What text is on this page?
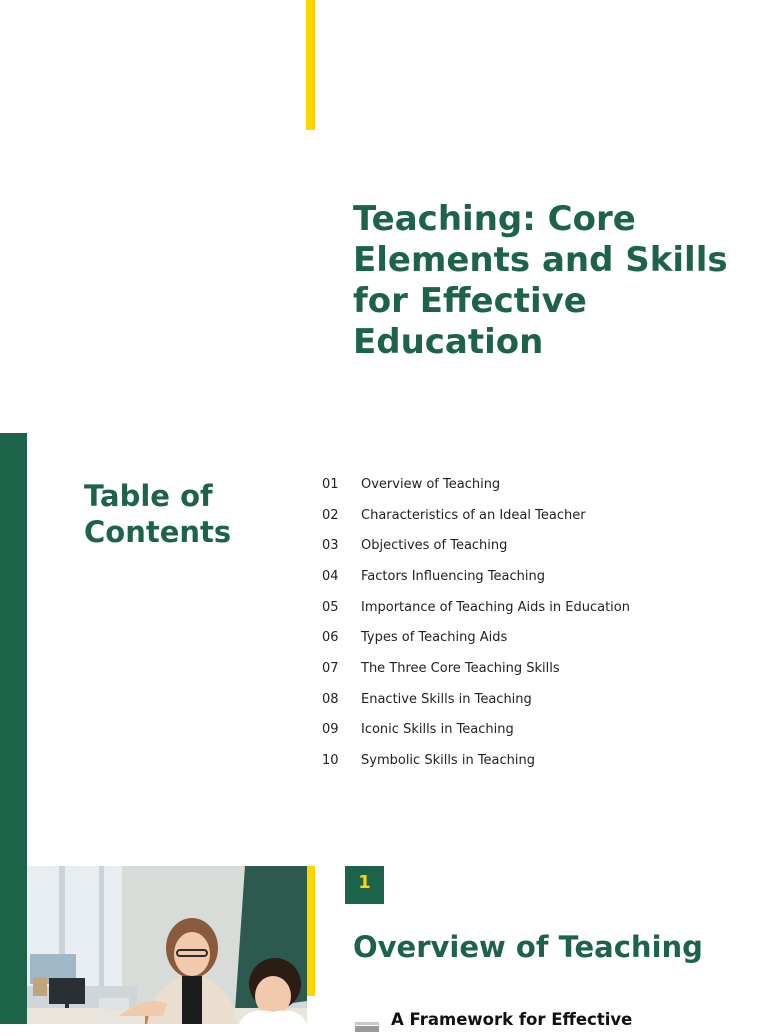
Teaching: Core Elements and Skills for Effective Education
Table of Contents
01	Overview of Teaching
02	Characteristics of an Ideal Teacher
03	Objectives of Teaching
04	Factors Influencing Teaching
05	Importance of Teaching Aids in Education
06	Types of Teaching Aids
07	The Three Core Teaching Skills
08	Enactive Skills in Teaching
09	Iconic Skills in Teaching
10	Symbolic Skills in Teaching
1
Overview of Teaching
A Framework for Effective
